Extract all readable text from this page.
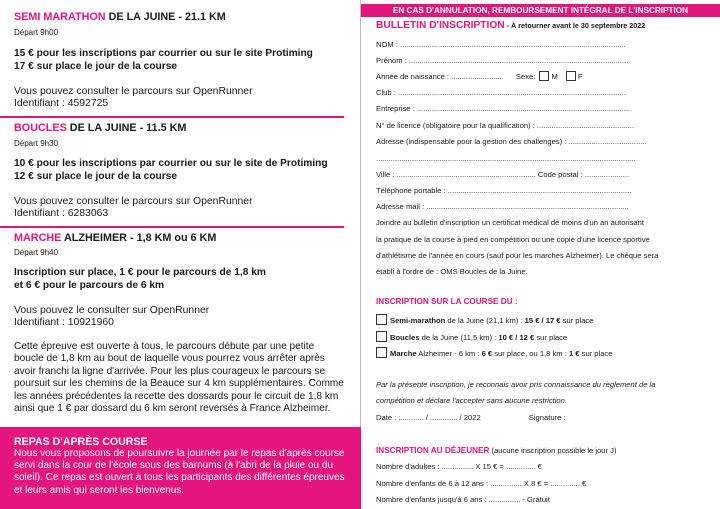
SEMI MARATHON DE LA JUINE - 21.1 KM
Départ 9h00
15 € pour les inscriptions par courrier ou sur le site Protiming
17 € sur place le jour de la course
Vous pouvez consulter le parcours sur OpenRunner
Identifiant : 4592725
BOUCLES DE LA JUINE - 11.5 KM
Départ 9h30
10 € pour les inscriptions par courrier ou sur le site de Protiming
12 € sur place le jour de la course
Vous pouvez consulter le parcours sur OpenRunner
Identifiant : 6283063
MARCHE ALZHEIMER - 1,8 KM ou 6 KM
Départ 9h40
Inscription sur place, 1 € pour le parcours de 1,8 km
et 6 € pour le parcours de 6 km
Vous pouvez le consulter sur OpenRunner
Identifiant : 10921960
Cette épreuve est ouverte à tous, le parcours débute par une petite boucle de 1,8 km au bout de laquelle vous pourrez vous arrêter après avoir franchi la ligne d'arrivée. Pour les plus courageux le parcours se poursuit sur les chemins de la Beauce sur 4 km supplémentaires. Comme les années précédentes la recette des dossards pour le circuit de 1,8 km ainsi que 1 € par dossard du 6 km seront reversés à France Alzheimer.
REPAS D'APRÈS COURSE
Nous vous proposons de poursuivre la journée par le repas d'après course servi dans la cour de l'école sous des barnums (à l'abri de la pluie ou du soleil). Ce repas est ouvert à tous les participants des différentes épreuves et leurs amis qui seront les bienvenus.
EN CAS D'ANNULATION, REMBOURSEMENT INTÉGRAL DE L'INSCRIPTION
BULLETIN D'INSCRIPTION - À retourner avant le 30 septembre 2022
NOM : ...........................................................................................................
Prénom : ........................................................................................................
Année de naissance : ........................ Sexe: M	F
Club : ............................................................................................................
Entreprise : ......................................................................................................
N° de licence (obligatoire pour la qualification) : ..............................................
Adresse (indispensable pour la gestion des challenges) : .....................................
...........................................................................................................................
Ville : .................................................................. Code postal : .....................
Téléphone portable : .......................................................................................
Adresse mail : ................................................................................................
Joindre au bulletin d'inscription un certificat médical de moins d'un an autorisant
la pratique de la course à pied en compétition ou une copie d'une licence sportive
d'athlétisme de l'année en cours (sauf pour les marches Alzheimer). Le chèque sera
établi à l'ordre de : OMS Boucles de la Juine.
INSCRIPTION SUR LA COURSE DU :
Semi-marathon de la Juine (21,1 km) : 15 € / 17 € sur place
Boucles de la Juine (11,5 km) : 10 € / 12 € sur place
Marche Alzheimer - 6 km : 6 € sur place, ou 1,8 km : 1 € sur place
Par la présente inscription, je reconnais avoir pris connaissance du règlement de la
compétition et déclare l'accepter sans aucune restriction.
Date : ............ / ............. / 2022	Signature :
INSCRIPTION AU DÉJEUNER (aucune inscription possible le jour J)
Nombre d'adultes : ............... X 15 € = .............. €
Nombre d'enfants de 6 à 12 ans : ............... X 8 € = .............. €
Nombre d'enfants jusqu'à 6 ans : ............... - Gratuit
